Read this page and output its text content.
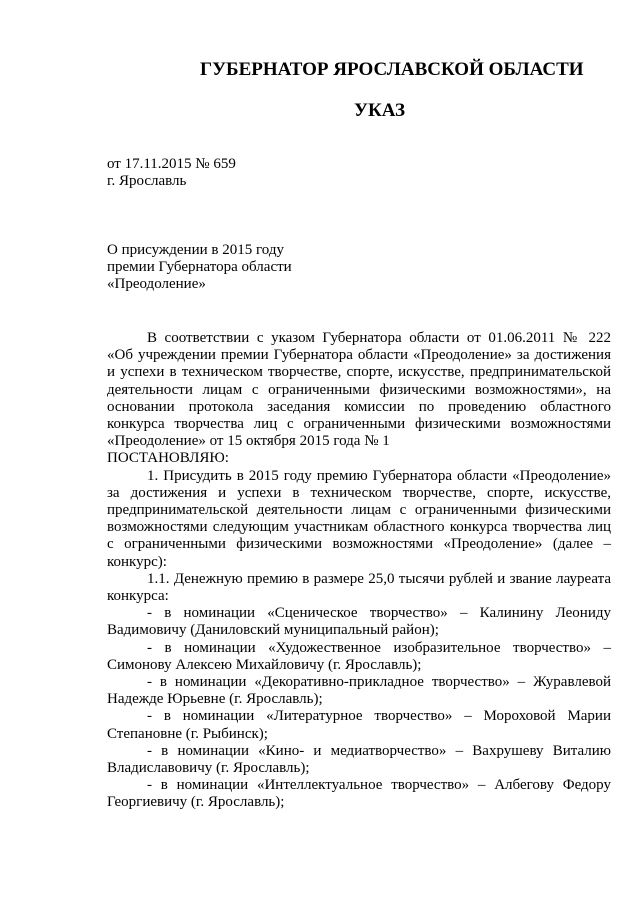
ГУБЕРНАТОР ЯРОСЛАВСКОЙ ОБЛАСТИ
УКАЗ
от 17.11.2015 № 659
г. Ярославль
О присуждении в 2015 году
премии Губернатора области
«Преодоление»
В соответствии с указом Губернатора области от 01.06.2011 № 222
«Об учреждении премии Губернатора области «Преодоление» за достижения
и успехи в техническом творчестве, спорте, искусстве, предпринимательской
деятельности лицам с ограниченными физическими возможностями», на
основании протокола заседания комиссии по проведению областного
конкурса творчества лиц с ограниченными физическими возможностями
«Преодоление» от 15 октября 2015 года № 1
ПОСТАНОВЛЯЮ:
1. Присудить в 2015 году премию Губернатора области «Преодоление»
за достижения и успехи в техническом творчестве, спорте, искусстве,
предпринимательской деятельности лицам с ограниченными физическими
возможностями следующим участникам областного конкурса творчества лиц
с ограниченными физическими возможностями «Преодоление» (далее –
конкурс):
1.1. Денежную премию в размере 25,0 тысячи рублей и звание лауреата
конкурса:
- в номинации «Сценическое творчество» – Калинину Леониду
Вадимовичу (Даниловский муниципальный район);
- в номинации «Художественное изобразительное творчество» –
Симонову Алексею Михайловичу (г. Ярославль);
- в номинации «Декоративно-прикладное творчество» – Журавлевой
Надежде Юрьевне (г. Ярославль);
- в номинации «Литературное творчество» – Мороховой Марии
Степановне (г. Рыбинск);
- в номинации «Кино- и медиатворчество» – Вахрушеву Виталию
Владиславовичу (г. Ярославль);
- в номинации «Интеллектуальное творчество» – Албегову Федору
Георгиевичу (г. Ярославль);
